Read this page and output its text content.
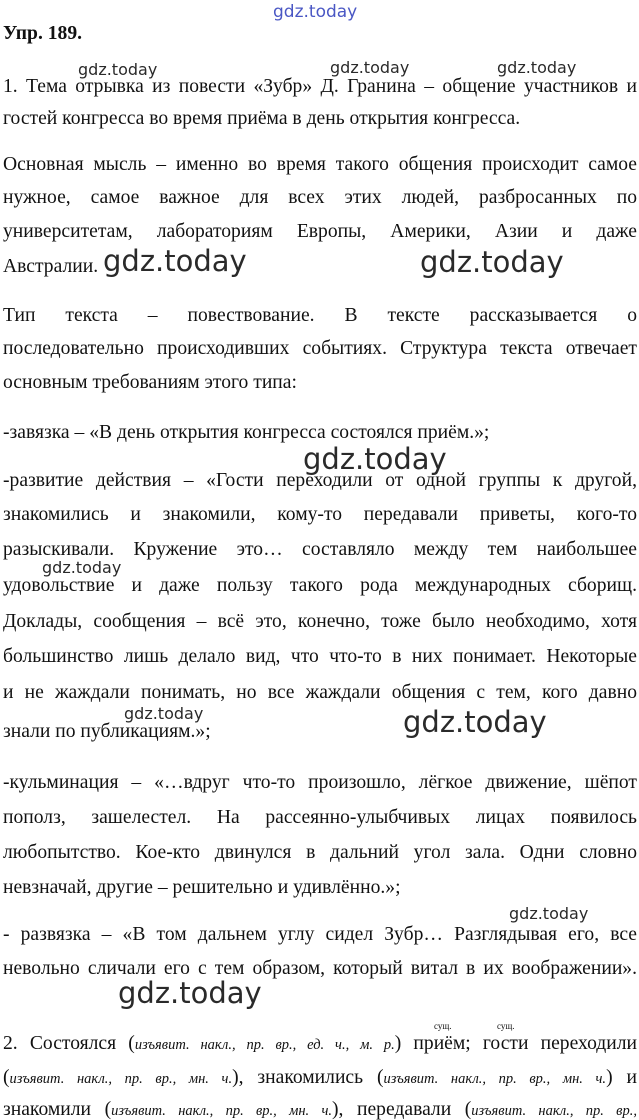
gdz.today
gdz.today	gdz.today	gdz.today
Упр. 189.
1. Тема отрывка из повести «Зубр» Д. Гранина – общение участников и
гостей конгресса во время приёма в день открытия конгресса.
Основная мысль – именно во время такого общения происходит самое
нужное, самое важное для всех этих людей, разбросанных по
университетам, лабораториям Европы, Америки, Азии и даже
Австралии. gdz.today	gdz.today
Тип текста – повествование. В тексте рассказывается о
последовательно происходивших событиях. Структура текста отвечает
основным требованиям этого типа:
-завязка – «В день открытия конгресса состоялся приём.»;
gdz.today
-развитие действия – «Гости переходили от одной группы к другой,
знакомились и знакомили, кому-то передавали приветы, кого-то
разыскивали. Кружение это… составляло между тем наибольшее
gdz.today
удовольствие и даже пользу такого рода международных сборищ.
Доклады, сообщения – всё это, конечно, тоже было необходимо, хотя
большинство лишь делало вид, что что-то в них понимает. Некоторые
и не жаждали понимать, но все жаждали общения с тем, кого давно
gdz.today
знали по публикациям.»;	gdz.today
-кульминация – «…вдруг что-то произошло, лёгкое движение, шёпот
пополз, зашелестел. На рассеянно-улыбчивых лицах появилось
любопытство. Кое-кто двинулся в дальний угол зала. Одни словно
невзначай, другие – решительно и удивлённо.»;
gdz.today
- развязка – «В том дальнем углу сидел Зубр… Разглядывая его, все
невольно сличали его с тем образом, который витал в их воображении».
gdz.today
сущ.	сущ.
2. Состоялся (изъявит. накл., пр. вр., ед. ч., м. р.) приём; гости переходили
(изъявит. накл., пр. вр., мн. ч.), знакомились (изъявит. накл., пр. вр., мн. ч.) и
знакомили (изъявит. накл., пр. вр., мн. ч.), передавали (изъявит. накл., пр. вр.,
